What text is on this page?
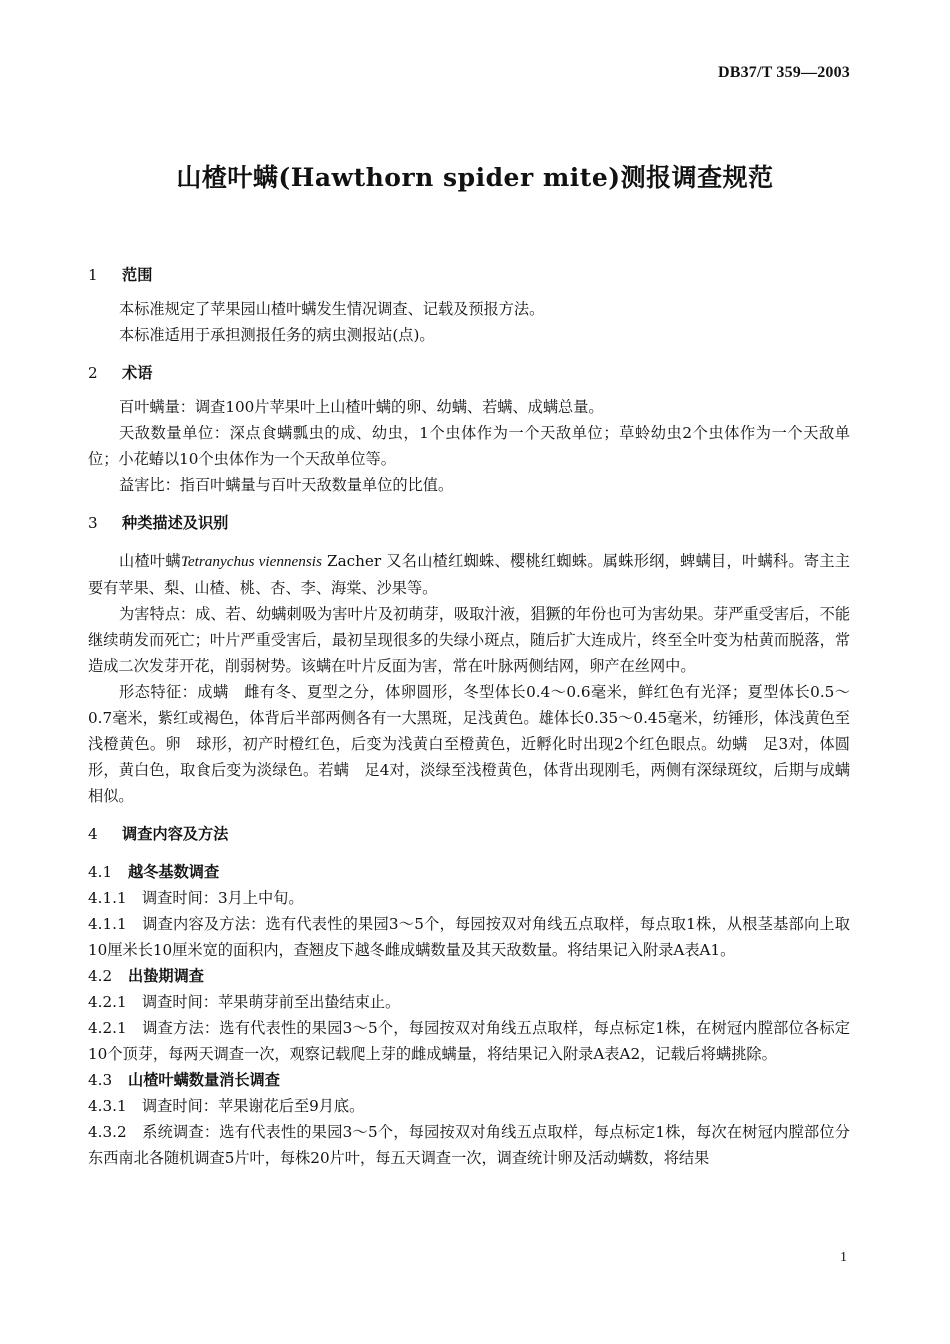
DB37/T 359—2003
山楂叶螨(Hawthorn spider mite)测报调查规范

1 范围

本标准规定了苹果园山楂叶螨发生情况调查、记载及预报方法。

本标准适用于承担测报任务的病虫测报站(点)。

2 术语

百叶螨量：调查100片苹果叶上山楂叶螨的卵、幼螨、若螨、成螨总量。

天敌数量单位：深点食螨瓢虫的成、幼虫，1个虫体作为一个天敌单位；草蛉幼虫2个虫体作为一个天敌单位；小花蝽以10个虫体作为一个天敌单位等。

益害比：指百叶螨量与百叶天敌数量单位的比值。

3 种类描述及识别

山楂叶螨Tetranychus viennensis Zacher 又名山楂红蜘蛛、樱桃红蜘蛛。属蛛形纲，蜱螨目，叶螨科。寄主主要有苹果、梨、山楂、桃、杏、李、海棠、沙果等。

为害特点：成、若、幼螨刺吸为害叶片及初萌芽，吸取汁液，猖獗的年份也可为害幼果。芽严重受害后，不能继续萌发而死亡；叶片严重受害后，最初呈现很多的失绿小斑点，随后扩大连成片，终至全叶变为枯黄而脱落，常造成二次发芽开花，削弱树势。该螨在叶片反面为害，常在叶脉两侧结网，卵产在丝网中。

形态特征：成螨　雌有冬、夏型之分，体卵圆形，冬型体长0.4～0.6毫米，鲜红色有光泽；夏型体长0.5～0.7毫米，紫红或褐色，体背后半部两侧各有一大黑斑，足浅黄色。雄体长0.35～0.45毫米，纺锤形，体浅黄色至浅橙黄色。卵　球形，初产时橙红色，后变为浅黄白至橙黄色，近孵化时出现2个红色眼点。幼螨　足3对，体圆形，黄白色，取食后变为淡绿色。若螨　足4对，淡绿至浅橙黄色，体背出现刚毛，两侧有深绿斑纹，后期与成螨相似。

4 调查内容及方法

4.1 越冬基数调查

4.1.1 调查时间：3月上中旬。

4.1.1 调查内容及方法：选有代表性的果园3～5个，每园按双对角线五点取样，每点取1株，从根茎基部向上取10厘米长10厘米宽的面积内，查翘皮下越冬雌成螨数量及其天敌数量。将结果记入附录A表A1。

4.2 出蛰期调查

4.2.1 调查时间：苹果萌芽前至出蛰结束止。

4.2.1 调查方法：选有代表性的果园3～5个，每园按双对角线五点取样，每点标定1株，在树冠内膛部位各标定10个顶芽，每两天调查一次，观察记载爬上芽的雌成螨量，将结果记入附录A表A2，记载后将螨挑除。

4.3 山楂叶螨数量消长调查

4.3.1 调查时间：苹果谢花后至9月底。

4.3.2 系统调查：选有代表性的果园3～5个，每园按双对角线五点取样，每点标定1株，每次在树冠内膛部位分东西南北各随机调查5片叶，每株20片叶，每五天调查一次，调查统计卵及活动螨数，将结果

1
